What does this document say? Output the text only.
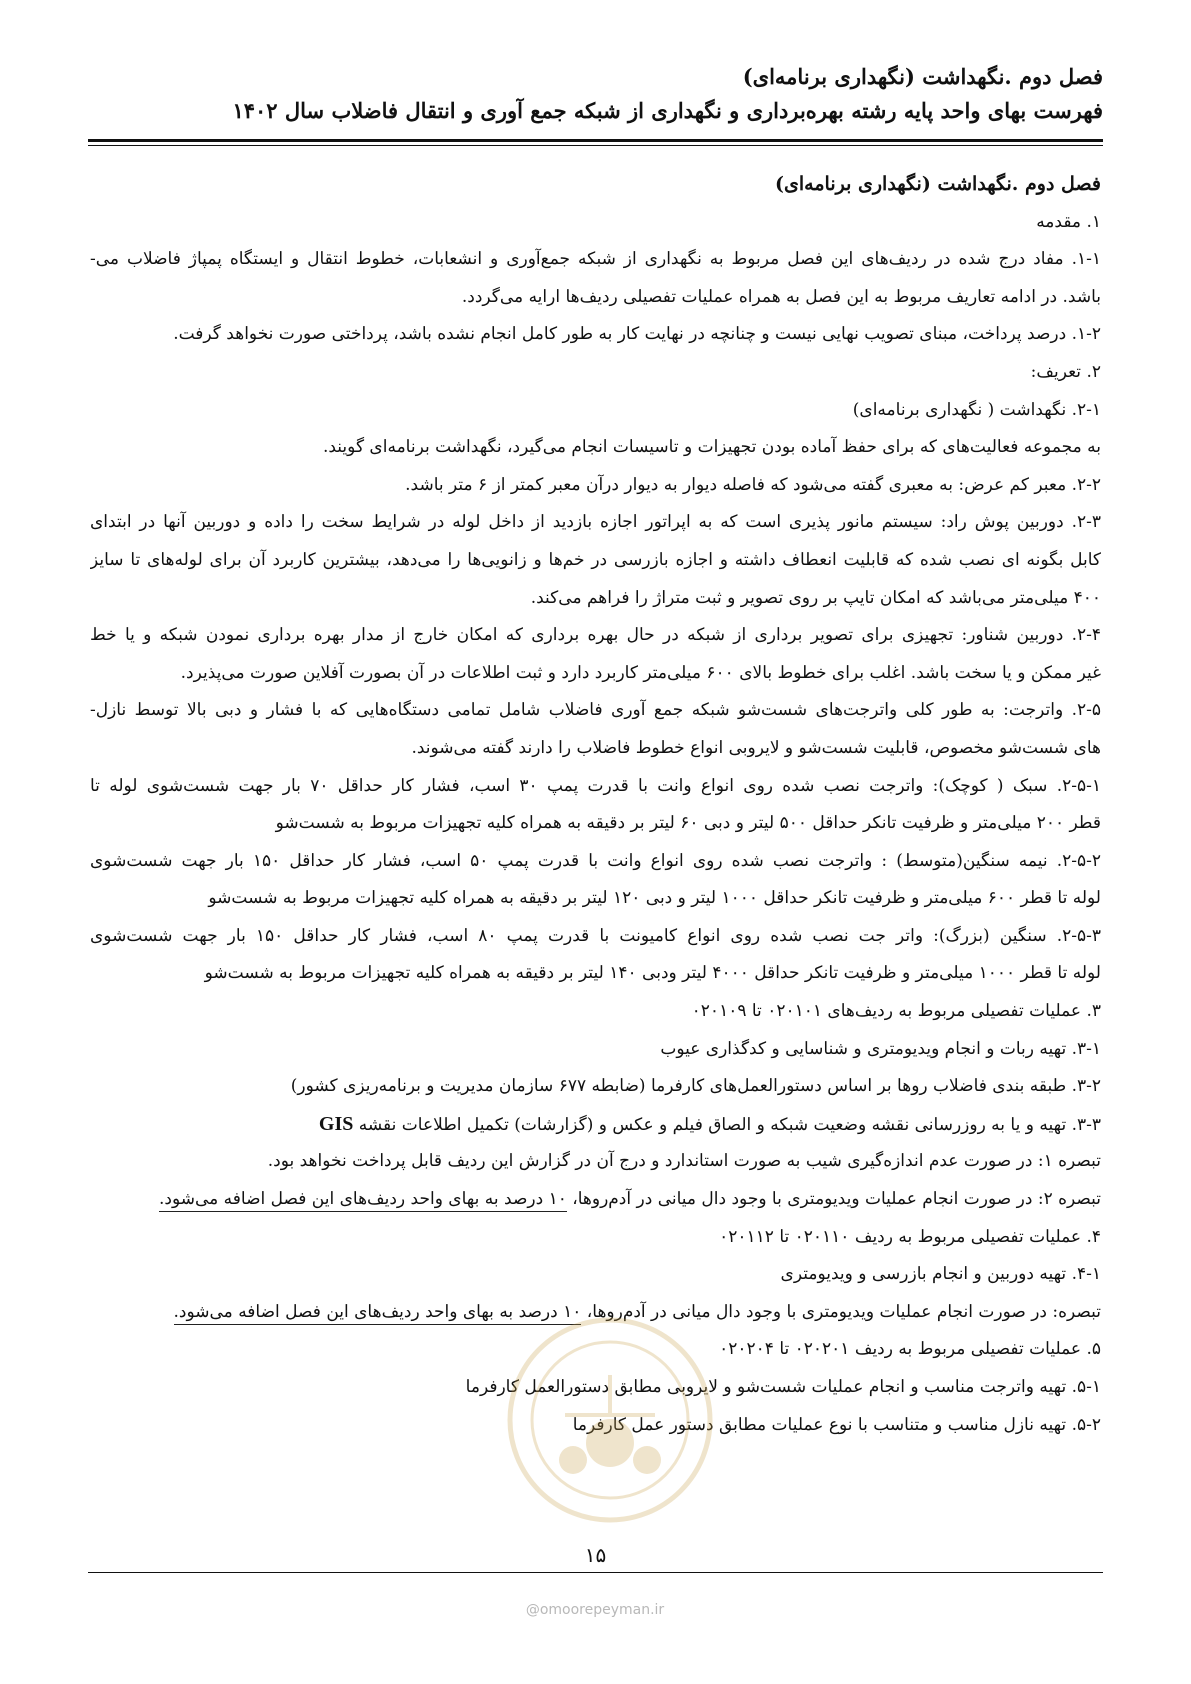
فصل دوم .نگهداشت (نگهداری برنامه‌ای)
فهرست بهای واحد پایه رشته بهره‌برداری و نگهداری از شبکه جمع آوری و انتقال فاضلاب سال ۱۴۰۲
فصل دوم .نگهداشت (نگهداری برنامه‌ای)
۱. مقدمه
۱-۱. مفاد درج شده در ردیف‌های این فصل مربوط به نگهداری از شبکه جمع‌آوری و انشعابات، خطوط انتقال و ایستگاه پمپاژ فاضلاب می-
باشد. در ادامه تعاریف مربوط به این فصل به همراه عملیات تفصیلی ردیف‌ها ارایه می‌گردد.
۱-۲. درصد پرداخت، مبنای تصویب نهایی نیست و چنانچه در نهایت کار به طور کامل انجام نشده باشد، پرداختی صورت نخواهد گرفت.
۲. تعریف:
۲-۱. نگهداشت ( نگهداری برنامه‌ای)
به مجموعه فعالیت‌های که برای حفظ آماده بودن تجهیزات و تاسیسات انجام می‌گیرد، نگهداشت برنامه‌ای گویند.
۲-۲. معبر کم عرض: به معبری گفته می‌شود که فاصله دیوار به دیوار درآن معبر کمتر از ۶ متر باشد.
۲-۳. دوربین پوش راد: سیستم مانور پذیری است که به اپراتور اجازه بازدید از داخل لوله در شرایط سخت را داده و دوربین آنها در ابتدای
کابل بگونه ای نصب شده که قابلیت انعطاف داشته و اجازه بازرسی در خم‌ها و زانویی‌ها را می‌دهد، بیشترین کاربرد آن برای لوله‌های تا سایز
۴۰۰ میلی‌متر می‌باشد که امکان تایپ بر روی تصویر و ثبت متراژ را فراهم می‌کند.
۲-۴. دوربین شناور: تجهیزی برای تصویر برداری از شبکه در حال بهره برداری که امکان خارج از مدار بهره برداری نمودن شبکه و یا خط
غیر ممکن و یا سخت باشد. اغلب برای خطوط بالای ۶۰۰ میلی‌متر کاربرد دارد و ثبت اطلاعات در آن بصورت آفلاین صورت می‌پذیرد.
۲-۵. واترجت: به طور کلی واترجت‌های شست‌شو شبکه جمع آوری فاضلاب شامل تمامی دستگاه‌هایی که با فشار و دبی بالا توسط نازل-
های شست‌شو مخصوص، قابلیت شست‌شو و لایروبی انواع خطوط فاضلاب را دارند گفته می‌شوند.
۲-۵-۱. سبک ( کوچک): واترجت نصب شده روی انواع وانت با قدرت پمپ ۳۰ اسب، فشار کار حداقل ۷۰ بار جهت شست‌شوی لوله تا
قطر ۲۰۰ میلی‌متر و ظرفیت تانکر حداقل ۵۰۰ لیتر و دبی ۶۰ لیتر بر دقیقه به همراه کلیه تجهیزات مربوط به شست‌شو
۲-۵-۲. نیمه سنگین(متوسط) : واترجت نصب شده روی انواع وانت با قدرت پمپ ۵۰ اسب، فشار کار حداقل ۱۵۰ بار جهت شست‌شوی
لوله تا قطر ۶۰۰ میلی‌متر و ظرفیت تانکر حداقل ۱۰۰۰ لیتر و دبی ۱۲۰ لیتر بر دقیقه به همراه کلیه تجهیزات مربوط به شست‌شو
۲-۵-۳. سنگین (بزرگ): واتر جت نصب شده روی انواع کامیونت با قدرت پمپ ۸۰ اسب، فشار کار حداقل ۱۵۰ بار جهت شست‌شوی
لوله تا قطر ۱۰۰۰ میلی‌متر و ظرفیت تانکر حداقل ۴۰۰۰ لیتر ودبی ۱۴۰ لیتر بر دقیقه به همراه کلیه تجهیزات مربوط به شست‌شو
۳. عملیات تفصیلی مربوط به ردیف‌های ۰۲۰۱۰۱ تا ۰۲۰۱۰۹
۳-۱. تهیه ربات و انجام ویدیومتری و شناسایی و کدگذاری عیوب
۳-۲. طبقه بندی فاضلاب روها بر اساس دستورالعمل‌های کارفرما (ضابطه ۶۷۷ سازمان مدیریت و برنامه‌ریزی کشور)
۳-۳. تهیه و یا به روزرسانی نقشه وضعیت شبکه و الصاق فیلم و عکس و (گزارشات) تکمیل اطلاعات نقشه GIS
تبصره ۱: در صورت عدم اندازه‌گیری شیب به صورت استاندارد و درج آن در گزارش این ردیف قابل پرداخت نخواهد بود.
تبصره ۲: در صورت انجام عملیات ویدیومتری با وجود دال میانی در آدم‌روها، ۱۰ درصد به بهای واحد ردیف‌های این فصل اضافه می‌شود.
۴. عملیات تفصیلی مربوط به ردیف ۰۲۰۱۱۰ تا ۰۲۰۱۱۲
۴-۱. تهیه دوربین و انجام بازرسی و ویدیومتری
تبصره: در صورت انجام عملیات ویدیومتری با وجود دال میانی در آدم‌روها، ۱۰ درصد به بهای واحد ردیف‌های این فصل اضافه می‌شود.
۵. عملیات تفصیلی مربوط به ردیف ۰۲۰۲۰۱ تا ۰۲۰۲۰۴
۵-۱. تهیه واترجت مناسب و انجام عملیات شست‌شو و لایروبی مطابق دستورالعمل کارفرما
۵-۲. تهیه نازل مناسب و متناسب با نوع عملیات مطابق دستور عمل کارفرما
۱۵
@omoorepeyman.ir
